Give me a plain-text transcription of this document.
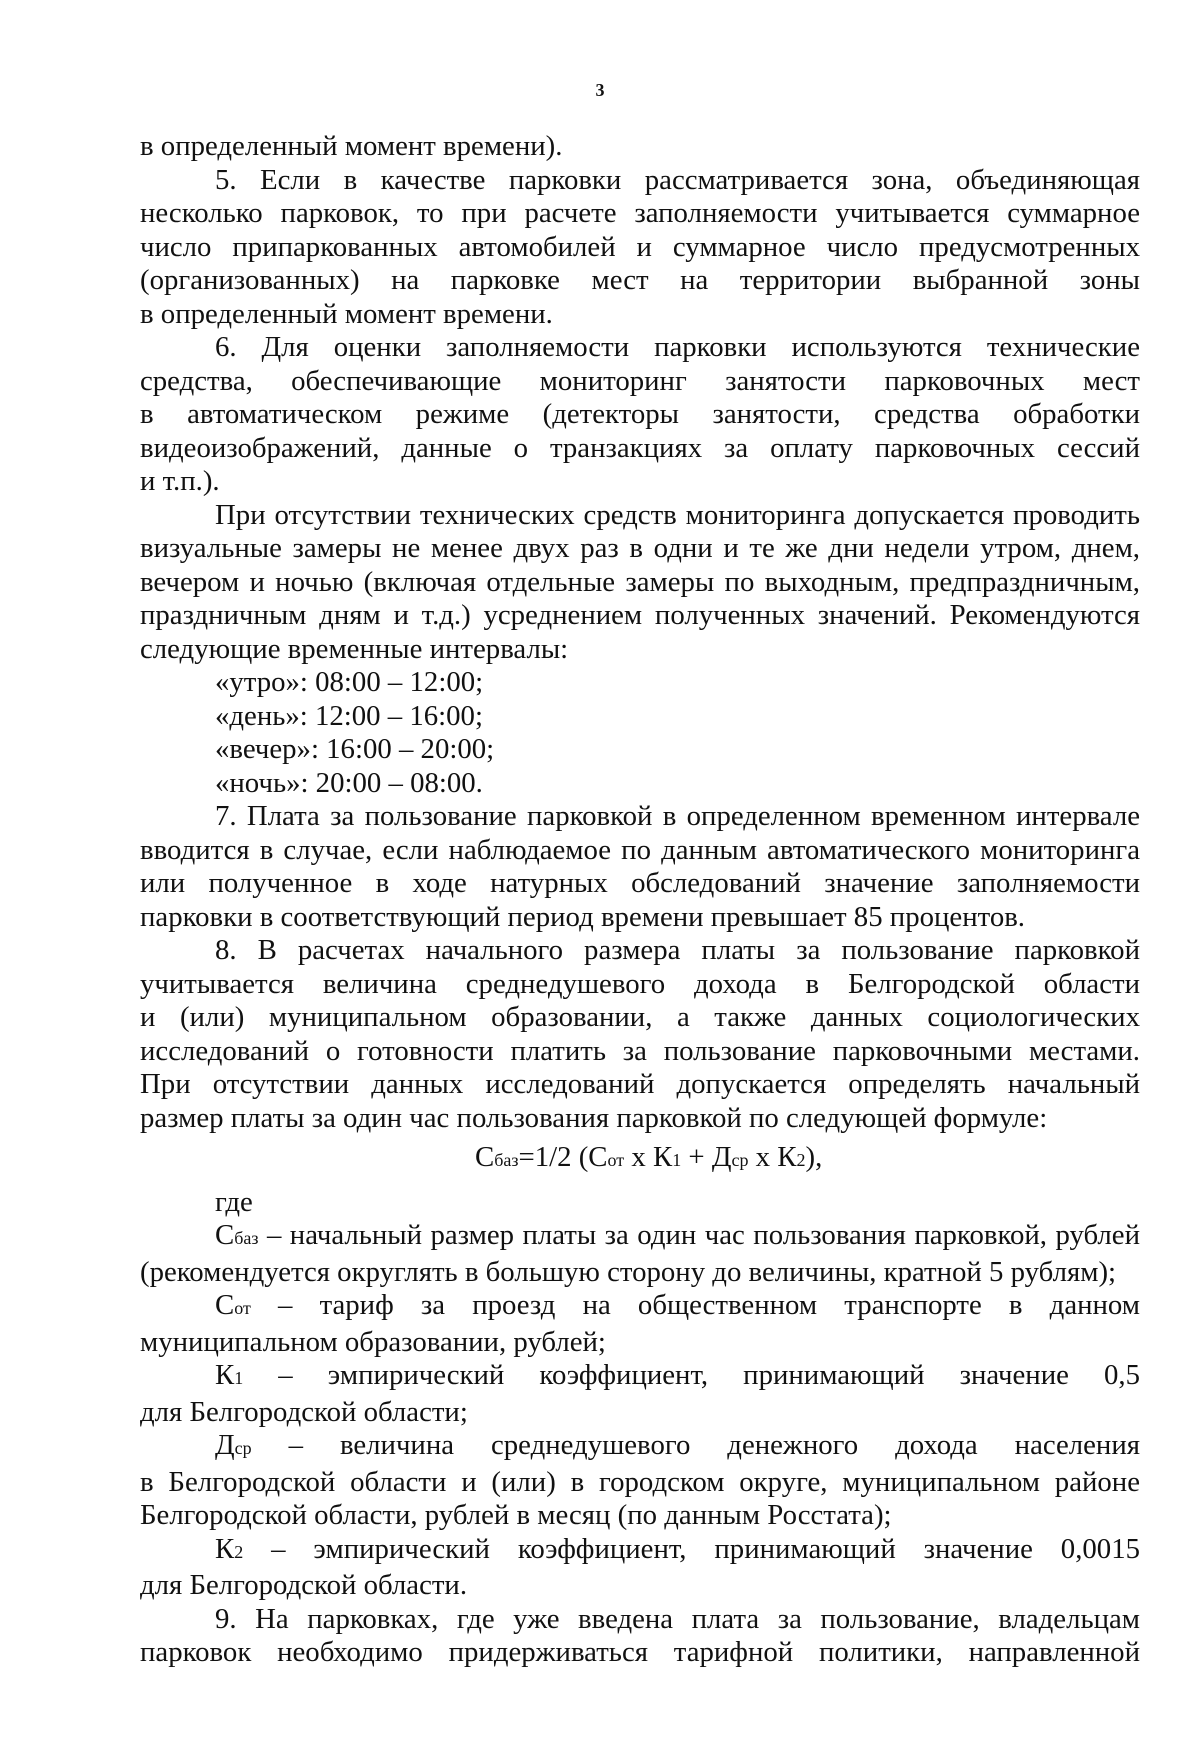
3
в определенный момент времени).
5. Если в качестве парковки рассматривается зона, объединяющая
несколько парковок, то при расчете заполняемости учитывается суммарное
число припаркованных автомобилей и суммарное число предусмотренных
(организованных) на парковке мест на территории выбранной зоны
в определенный момент времени.
6. Для оценки заполняемости парковки используются технические
средства, обеспечивающие мониторинг занятости парковочных мест
в автоматическом режиме (детекторы занятости, средства обработки
видеоизображений, данные о транзакциях за оплату парковочных сессий
и т.п.).
При отсутствии технических средств мониторинга допускается проводить
визуальные замеры не менее двух раз в одни и те же дни недели утром, днем,
вечером и ночью (включая отдельные замеры по выходным, предпраздничным,
праздничным дням и т.д.) усреднением полученных значений. Рекомендуются
следующие временные интервалы:
«утро»: 08:00 – 12:00;
«день»: 12:00 – 16:00;
«вечер»: 16:00 – 20:00;
«ночь»: 20:00 – 08:00.
7. Плата за пользование парковкой в определенном временном интервале
вводится в случае, если наблюдаемое по данным автоматического мониторинга
или полученное в ходе натурных обследований значение заполняемости
парковки в соответствующий период времени превышает 85 процентов.
8. В расчетах начального размера платы за пользование парковкой
учитывается величина среднедушевого дохода в Белгородской области
и (или) муниципальном образовании, а также данных социологических
исследований о готовности платить за пользование парковочными местами.
При отсутствии данных исследований допускается определять начальный
размер платы за один час пользования парковкой по следующей формуле:
Сбаз=1/2 (Сот х К1 + Дср х К2),
где
Сбаз – начальный размер платы за один час пользования парковкой, рублей
(рекомендуется округлять в большую сторону до величины, кратной 5 рублям);
Сот – тариф за проезд на общественном транспорте в данном
муниципальном образовании, рублей;
К1 – эмпирический коэффициент, принимающий значение 0,5
для Белгородской области;
Дср – величина среднедушевого денежного дохода населения
в Белгородской области и (или) в городском округе, муниципальном районе
Белгородской области, рублей в месяц (по данным Росстата);
К2 – эмпирический коэффициент, принимающий значение 0,0015
для Белгородской области.
9. На парковках, где уже введена плата за пользование, владельцам
парковок необходимо придерживаться тарифной политики, направленной
